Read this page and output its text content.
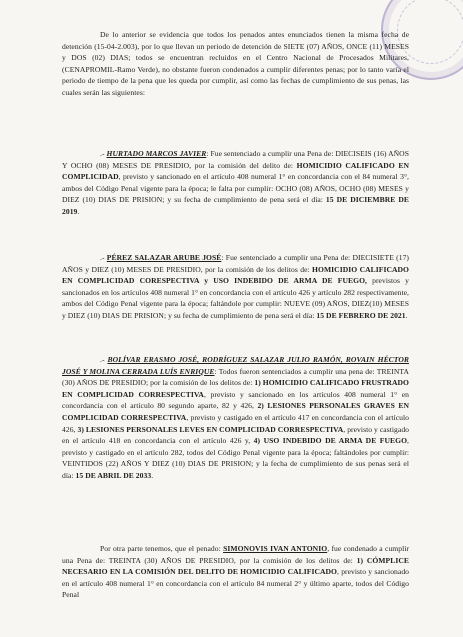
De lo anterior se evidencia que todos los penados antes enunciados tienen la misma fecha de detención (15-04-2.003), por lo que llevan un periodo de detención de SIETE (07) AÑOS, ONCE (11) MESES y DOS (02) DIAS; todos se encuentran recluidos en el Centro Nacional de Procesados Militares, (CENAPROMIL-Ramo Verde), no obstante fueron condenados a cumplir diferentes penas; por lo tanto varía el periodo de tiempo de la pena que les queda por cumplir, así como las fechas de cumplimiento de sus penas, las cuales serán las siguientes:

.- HURTADO MARCOS JAVIER: Fue sentenciado a cumplir una Pena de: DIECISEIS (16) AÑOS Y OCHO (08) MESES DE PRESIDIO, por la comisión del delito de: HOMICIDIO CALIFICADO EN COMPLICIDAD, previsto y sancionado en el artículo 408 numeral 1° en concordancia con el 84 numeral 3°, ambos del Código Penal vigente para la época; le falta por cumplir: OCHO (08) AÑOS, OCHO (08) MESES y DIEZ (10) DIAS DE PRISION; y su fecha de cumplimiento de pena será el día: 15 DE DICIEMBRE DE 2019.

.- PÉREZ SALAZAR ARUBE JOSÉ: Fue sentenciado a cumplir una Pena de: DIECISIETE (17) AÑOS y DIEZ (10) MESES DE PRESIDIO, por la comisión de los delitos de: HOMICIDIO CALIFICADO EN COMPLICIDAD CORESPECTIVA y USO INDEBIDO DE ARMA DE FUEGO, previstos y sancionados en los artículos 408 numeral 1° en concordancia con el artículo 426 y artículo 282 respectivamente, ambos del Código Penal vigente para la época; faltándole por cumplir: NUEVE (09) AÑOS, DIEZ(10) MESES y DIEZ (10) DIAS DE PRISION; y su fecha de cumplimiento de pena será el día: 15 DE FEBRERO DE 2021.

.- BOLÍVAR ERASMO JOSÉ, RODRÍGUEZ SALAZAR JULIO RAMÓN, ROVAIN HÉCTOR JOSÉ Y MOLINA CERRADA LUÍS ENRIQUE: Todos fueron sentenciados a cumplir una pena de: TREINTA (30) AÑOS DE PRESIDIO; por la comisión de los delitos de: 1) HOMICIDIO CALIFICADO FRUSTRADO EN COMPLICIDAD CORRESPECTIVA, previsto y sancionado en los artículos 408 numeral 1° en concordancia con el artículo 80 segundo aparte, 82 y 426, 2) LESIONES PERSONALES GRAVES EN COMPLICIDAD CORRESPECTIVA, previsto y castigado en el artículo 417 en concordancia con el artículo 426, 3) LESIONES PERSONALES LEVES EN COMPLICIDAD CORRESPECTIVA, previsto y castigado en el artículo 418 en concordancia con el artículo 426 y, 4) USO INDEBIDO DE ARMA DE FUEGO, previsto y castigado en el artículo 282, todos del Código Penal vigente para la época; faltándoles por cumplir: VEINTIDOS (22) AÑOS Y DIEZ (10) DIAS DE PRISION; y la fecha de cumplimiento de sus penas será el día: 15 DE ABRIL DE 2033.

Por otra parte tenemos, que el penado: SIMONOVIS IVAN ANTONIO, fue condenado a cumplir una Pena de: TREINTA (30) AÑOS DE PRESIDIO, por la comisión de los delitos de: 1) CÓMPLICE NECESARIO EN LA COMISIÓN DEL DELITO DE HOMICIDIO CALIFICADO, previsto y sancionado en el artículo 408 numeral 1° en concordancia con el artículo 84 numeral 2° y último aparte, todos del Código Penal
